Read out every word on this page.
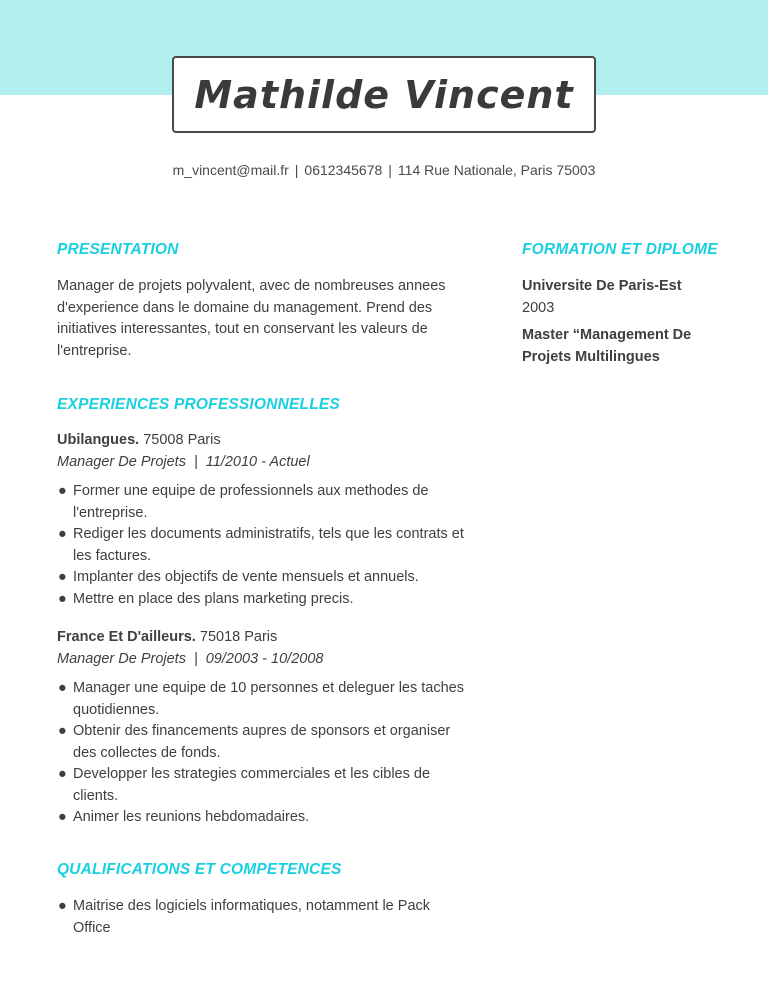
Mathilde Vincent
m_vincent@mail.fr | 0612345678 | 114 Rue Nationale, Paris 75003
PRESENTATION

Manager de projets polyvalent, avec de nombreuses annees d'experience dans le domaine du management. Prend des initiatives interessantes, tout en conservant les valeurs de l'entreprise.

EXPERIENCES PROFESSIONNELLES
Ubilangues. 75008 Paris
Manager De Projets | 11/2010 - Actuel
● Former une equipe de professionnels aux methodes de l'entreprise.
● Rediger les documents administratifs, tels que les contrats et les factures.
● Implanter des objectifs de vente mensuels et annuels.
● Mettre en place des plans marketing precis.
France Et D'ailleurs. 75018 Paris
Manager De Projets | 09/2003 - 10/2008
● Manager une equipe de 10 personnes et deleguer les taches quotidiennes.
● Obtenir des financements aupres de sponsors et organiser des collectes de fonds.
● Developper les strategies commerciales et les cibles de clients.
● Animer les reunions hebdomadaires.
QUALIFICATIONS ET COMPETENCES
● Maitrise des logiciels informatiques, notamment le Pack Office
FORMATION ET DIPLOME
Universite De Paris-Est
2003
Master “Management De Projets Multilingues
